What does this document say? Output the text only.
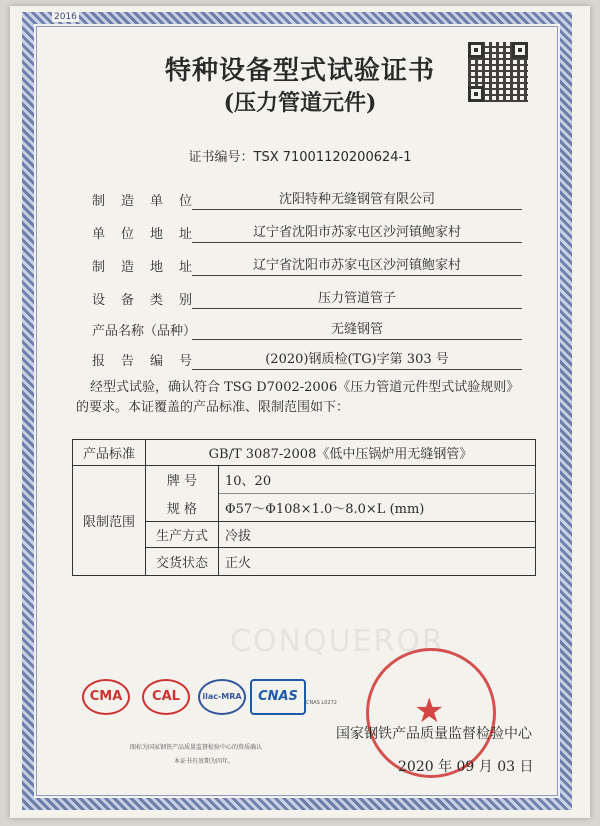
2016
特种设备型式试验证书
(压力管道元件)
证书编号：TSX 71001120200624-1
制造单位	沈阳特种无缝钢管有限公司
单位地址	辽宁省沈阳市苏家屯区沙河镇鲍家村
制造地址	辽宁省沈阳市苏家屯区沙河镇鲍家村
设备类别	压力管道管子
产品名称（品种）	无缝钢管
报告编号	(2020)钢质检(TG)字第 303 号
经型式试验，确认符合 TSG D7002-2006《压力管道元件型式试验规则》
的要求。本证覆盖的产品标准、限制范围如下：
产品标准	GB/T 3087-2008《低中压锅炉用无缝钢管》	
限制范围	牌 号	10、20
	规 格	Φ57～Φ108×1.0～8.0×L (mm)
	生产方式	冷拔
	交货状态	正火
CONQUEROR
CMA	CAL	ilac-MRA	CNAS	CNAS L0272
图标为国家钢铁产品质量监督检验中心的资质确认
本证书有效期为四年。
★
国家钢铁产品质量监督检验中心
2020 年 09 月 03 日
